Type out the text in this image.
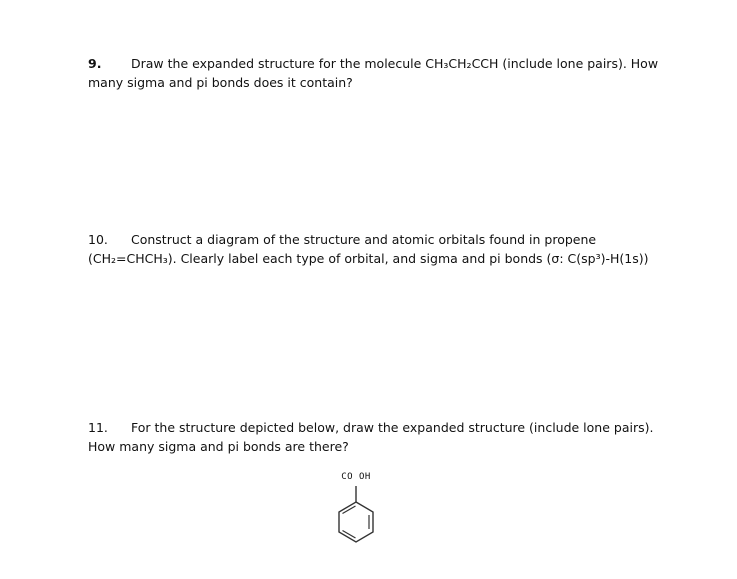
9. Draw the expanded structure for the molecule CH₃CH₂CCH (include lone pairs). How
many sigma and pi bonds does it contain?
10. Construct a diagram of the structure and atomic orbitals found in propene
(CH₂=CHCH₃). Clearly label each type of orbital, and sigma and pi bonds (σ: C(sp³)-H(1s))
11. For the structure depicted below, draw the expanded structure (include lone pairs).
How many sigma and pi bonds are there?
CO OH
